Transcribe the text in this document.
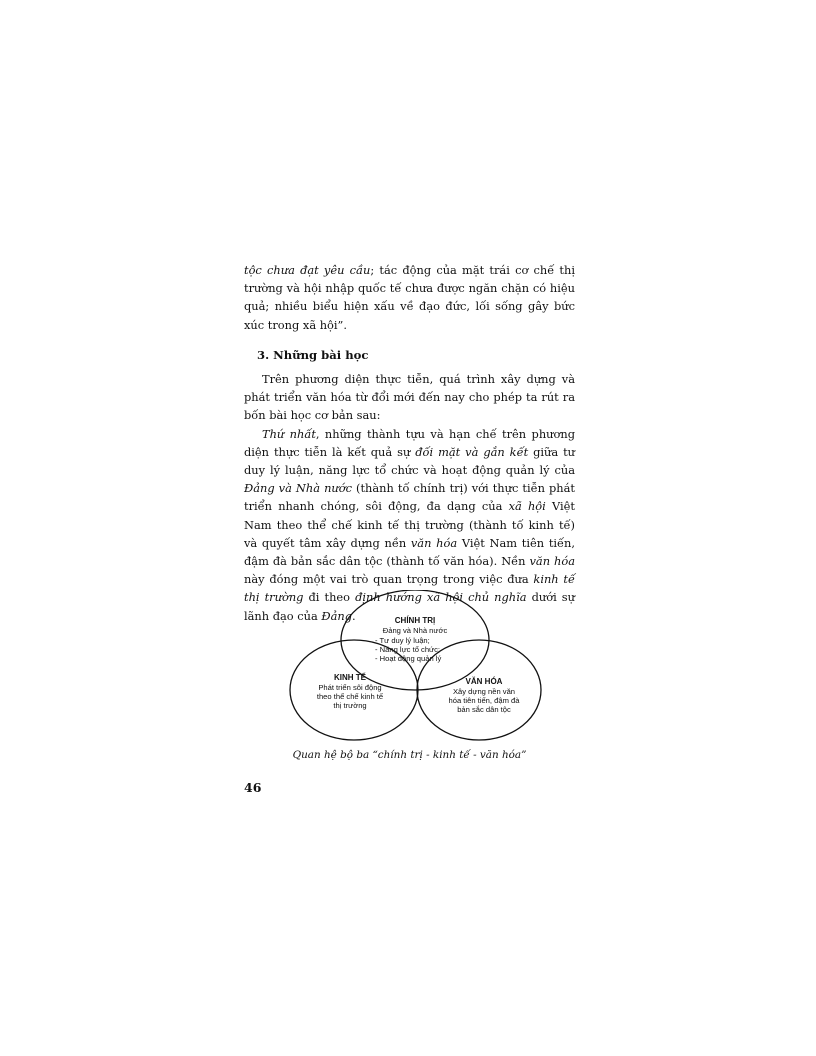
tộc chưa đạt yêu cầu; tác động của mặt trái cơ chế thị trường và hội nhập quốc tế chưa được ngăn chặn có hiệu quả; nhiều biểu hiện xấu về đạo đức, lối sống gây bức xúc trong xã hội”.

3. Những bài học

Trên phương diện thực tiễn, quá trình xây dựng và phát triển văn hóa từ đổi mới đến nay cho phép ta rút ra bốn bài học cơ bản sau:

Thứ nhất, những thành tựu và hạn chế trên phương diện thực tiễn là kết quả sự đối mặt và gắn kết giữa tư duy lý luận, năng lực tổ chức và hoạt động quản lý của Đảng và Nhà nước (thành tố chính trị) với thực tiễn phát triển nhanh chóng, sôi động, đa dạng của xã hội Việt Nam theo thể chế kinh tế thị trường (thành tố kinh tế) và quyết tâm xây dựng nền văn hóa Việt Nam tiên tiến, đậm đà bản sắc dân tộc (thành tố văn hóa). Nền văn hóa này đóng một vai trò quan trọng trong việc đưa kinh tế thị trường đi theo định hướng xã hội chủ nghĩa dưới sự lãnh đạo của Đảng.	CHÍNH TRỊ
Đảng và Nhà nước
- Tư duy lý luận;
- Năng lực tổ chức;
- Hoạt động quản lý
KINH TẾ
Phát triển sôi động
theo thể chế kinh tế
thị trường
VĂN HÓA
Xây dựng nền văn
hóa tiên tiến, đậm đà
bản sắc dân tộc
Quan hệ bộ ba “chính trị - kinh tế - văn hóa”
46
